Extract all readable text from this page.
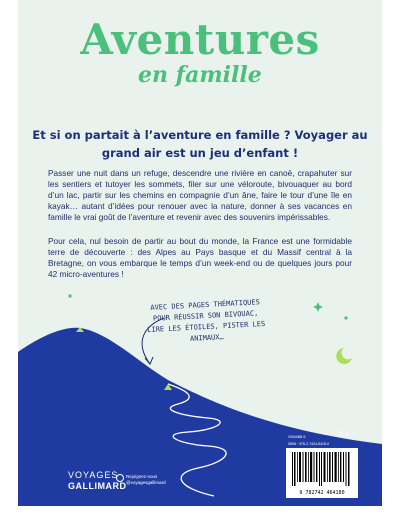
Aventures
en famille
Et si on partait à l’aventure en famille ? Voyager au grand air est un jeu d’enfant !
Passer une nuit dans un refuge, descendre une rivière en canoë, crapahuter sur les sentiers et tutoyer les sommets, filer sur une véloroute, bivouaquer au bord d’un lac, partir sur les chemins en compagnie d’un âne, faire le tour d’une île en kayak… autant d’idées pour renouer avec la nature, donner à ses vacances en famille le vrai goût de l’aventure et revenir avec des souvenirs impérissables.
Pour cela, nul besoin de partir au bout du monde, la France est une formidable terre de découverte : des Alpes au Pays basque et du Massif central à la Bretagne, on vous embarque le temps d’un week-end ou de quelques jours pour 42 micro-aventures !
AVEC DES PAGES THÉMATIQUES POUR RÉUSSIR SON BIVOUAC, LIRE LES ÉTOILES, PISTER LES ANIMAUX…
VOYAGES
GALLIMARD
Rejoignez-nous
@voyagesgallimard
G06488 6	25 €
ISBN : 978-2-7424-6418-0
9 782742 464180
